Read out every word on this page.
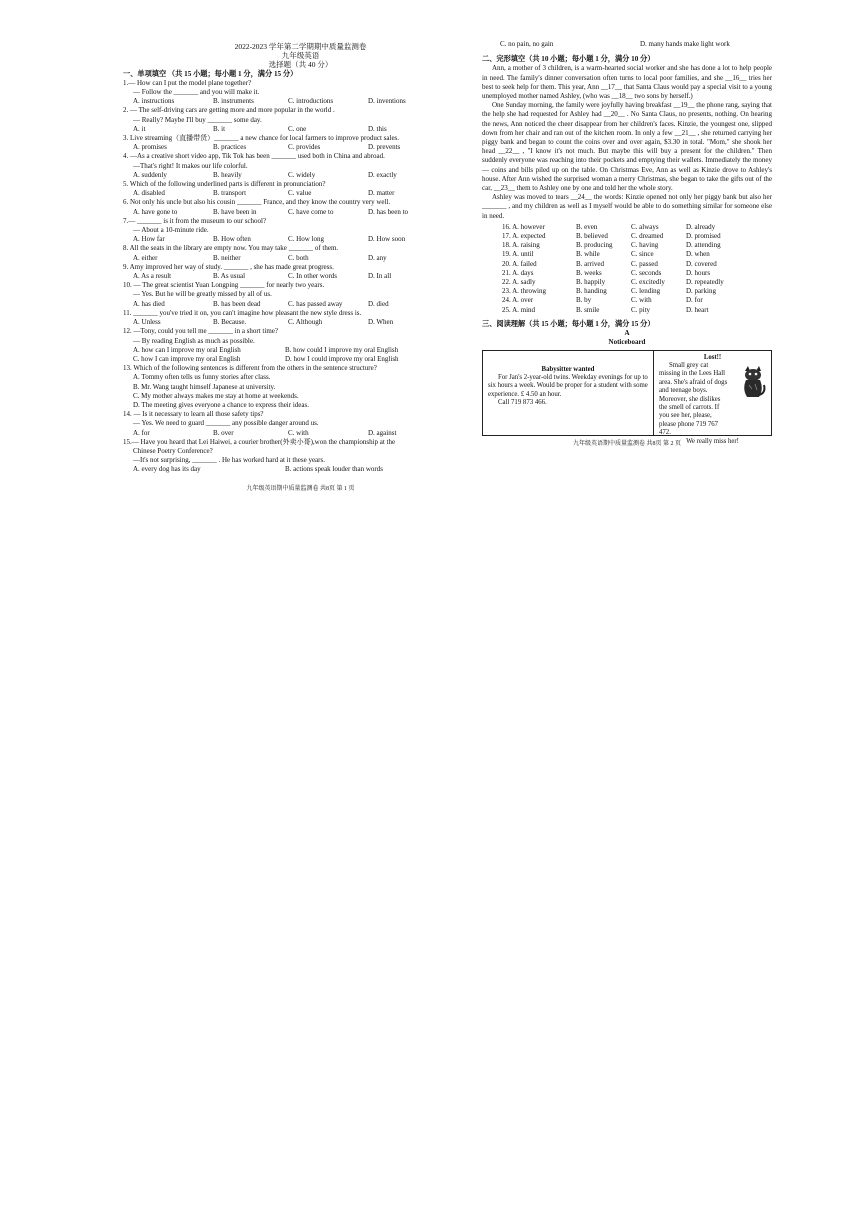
2022-2023 学年第二学期期中质量监测卷
九年级英语
选择题（共 40 分）
一、单项填空 （共 15 小题；每小题 1 分，满分 15 分）
1.— How can I put the model plane together?
— Follow the _______ and you will make it.
A. instructions	B. instruments	C. introductions	D. inventions
2. — The self-driving cars are getting more and more popular in the world .
— Really? Maybe I'll buy _______ some day.
A. it	B. it	C. one	D. this
3. Live streaming（直播带货）_______ a new chance for local farmers to improve product sales.
A. promises	B. practices	C. provides	D. prevents
4. —As a creative short video app, Tik Tok has been _______ used both in China and abroad.
—That's right! It makes our life colorful.
A. suddenly	B. heavily	C. widely	D. exactly
5. Which of the following underlined parts is different in pronunciation?
A. disabled	B. transport	C. value	D. matter
6. Not only his uncle but also his cousin _______ France, and they know the country very well.
A. have gone to	B. have been in	C. have come to	D. has been to
7.— _______ is it from the museum to our school?
— About a 10-minute ride.
A. How far	B. How often	C. How long	D. How soon
8. All the seats in the library are empty now. You may take _______ of them.
A. either	B. neither	C. both	D. any
9. Amy improved her way of study. _______ , she has made great progress.
A. As a result	B. As usual	C. In other words	D. In all
10. — The great scientist Yuan Longping _______ for nearly two years.
— Yes. But he will be greatly missed by all of us.
A. has died	B. has been dead	C. has passed away	D. died
11. _______ you've tried it on, you can't imagine how pleasant the new style dress is.
A. Unless	B. Because.	C. Although	D. When
12. —Tony, could you tell me _______ in a short time?
— By reading English as much as possible.
A. how can I improve my oral English	B. how could I improve my oral English
C. how I can improve my oral English	D. how I could improve my oral English
13. Which of the following sentences is different from the others in the sentence structure?
A. Tommy often tells us funny stories after class.
B. Mr. Wang taught himself Japanese at university.
C. My mother always makes me stay at home at weekends.
D. The meeting gives everyone a chance to express their ideas.
14. — Is it necessary to learn all those safety tips?
— Yes. We need to guard _______ any possible danger around us.
A. for	B. over	C. with	D. against
15.— Have you heard that Lei Haiwei, a courier brother(外卖小哥),won the championship at the
Chinese Poetry Conference?
—It's not surprising, _______ . He has worked hard at it these years.
A. every dog has its day	B. actions speak louder than words
九年级英语期中质量监测卷 共8页 第 1 页
C. no pain, no gain	D. many hands make light work
二、完形填空（共 10 小题；每小题 1 分，满分 10 分）

Ann, a mother of 3 children, is a warm-hearted social worker and she has done a lot to help people in need. The family's dinner conversation often turns to local poor families, and she __16__ tries her best to seek help for them. This year, Ann __17__ that Santa Claus would pay a special visit to a young unemployed mother named Ashley, (who was __18__ two sons by herself.)

One Sunday morning, the family were joyfully having breakfast __19__ the phone rang, saying that the help she had requested for Ashley had __20__ . No Santa Claus, no presents, nothing. On hearing the news, Ann noticed the cheer disappear from her children's faces. Kinzie, the youngest one, slipped down from her chair and ran out of the kitchen room. In only a few __21__ , she returned carrying her piggy bank and began to count the coins over and over again, $3.30 in total. "Mom," she shook her head __22__ , "I know it's not much. But maybe this will buy a present for the children." Then suddenly everyone was reaching into their pockets and emptying their wallets. Immediately the money — coins and bills piled up on the table. On Christmas Eve, Ann as well as Kinzie drove to Ashley's house. After Ann wished the surprised woman a merry Christmas, she began to take the gifts out of the car, __23__ them to Ashley one by one and told her the whole story.

Ashley was moved to tears __24__ the words: Kinzie opened not only her piggy bank but also her _______ , and my children as well as I myself would be able to do something similar for someone else in need.

16. A. however	B. even	C. always	D. already
17. A. expected	B. believed	C. dreamed	D. promised
18. A. raising	B. producing	C. having	D. attending
19. A. until	B. while	C. since	D. when
20. A. failed	B. arrived	C. passed	D. covered
21. A. days	B. weeks	C. seconds	D. hours
22. A. sadly	B. happily	C. excitedly	D. repeatedly
23. A. throwing	B. handing	C. lending	D. parking
24. A. over	B. by	C. with	D. for
25. A. mind	B. smile	C. pity	D. heart
三、阅读理解（共 15 小题；每小题 1 分，满分 15 分）
A
Noticeboard
Babysitter wanted
For Jan's 2-year-old twins. Weekday evenings for up to six hours a week. Would be proper for a student with some experience. £ 4.50 an hour.
Call 719 873 466.
Lost!!
Small grey cat missing in the Lees Hall area. She's afraid of dogs and teenage boys. Moreover, she dislikes the smell of carrots. If you see her, please, please phone 719 767 472.
We really miss her!
九年级英语期中质量监测卷 共8页 第 2 页
